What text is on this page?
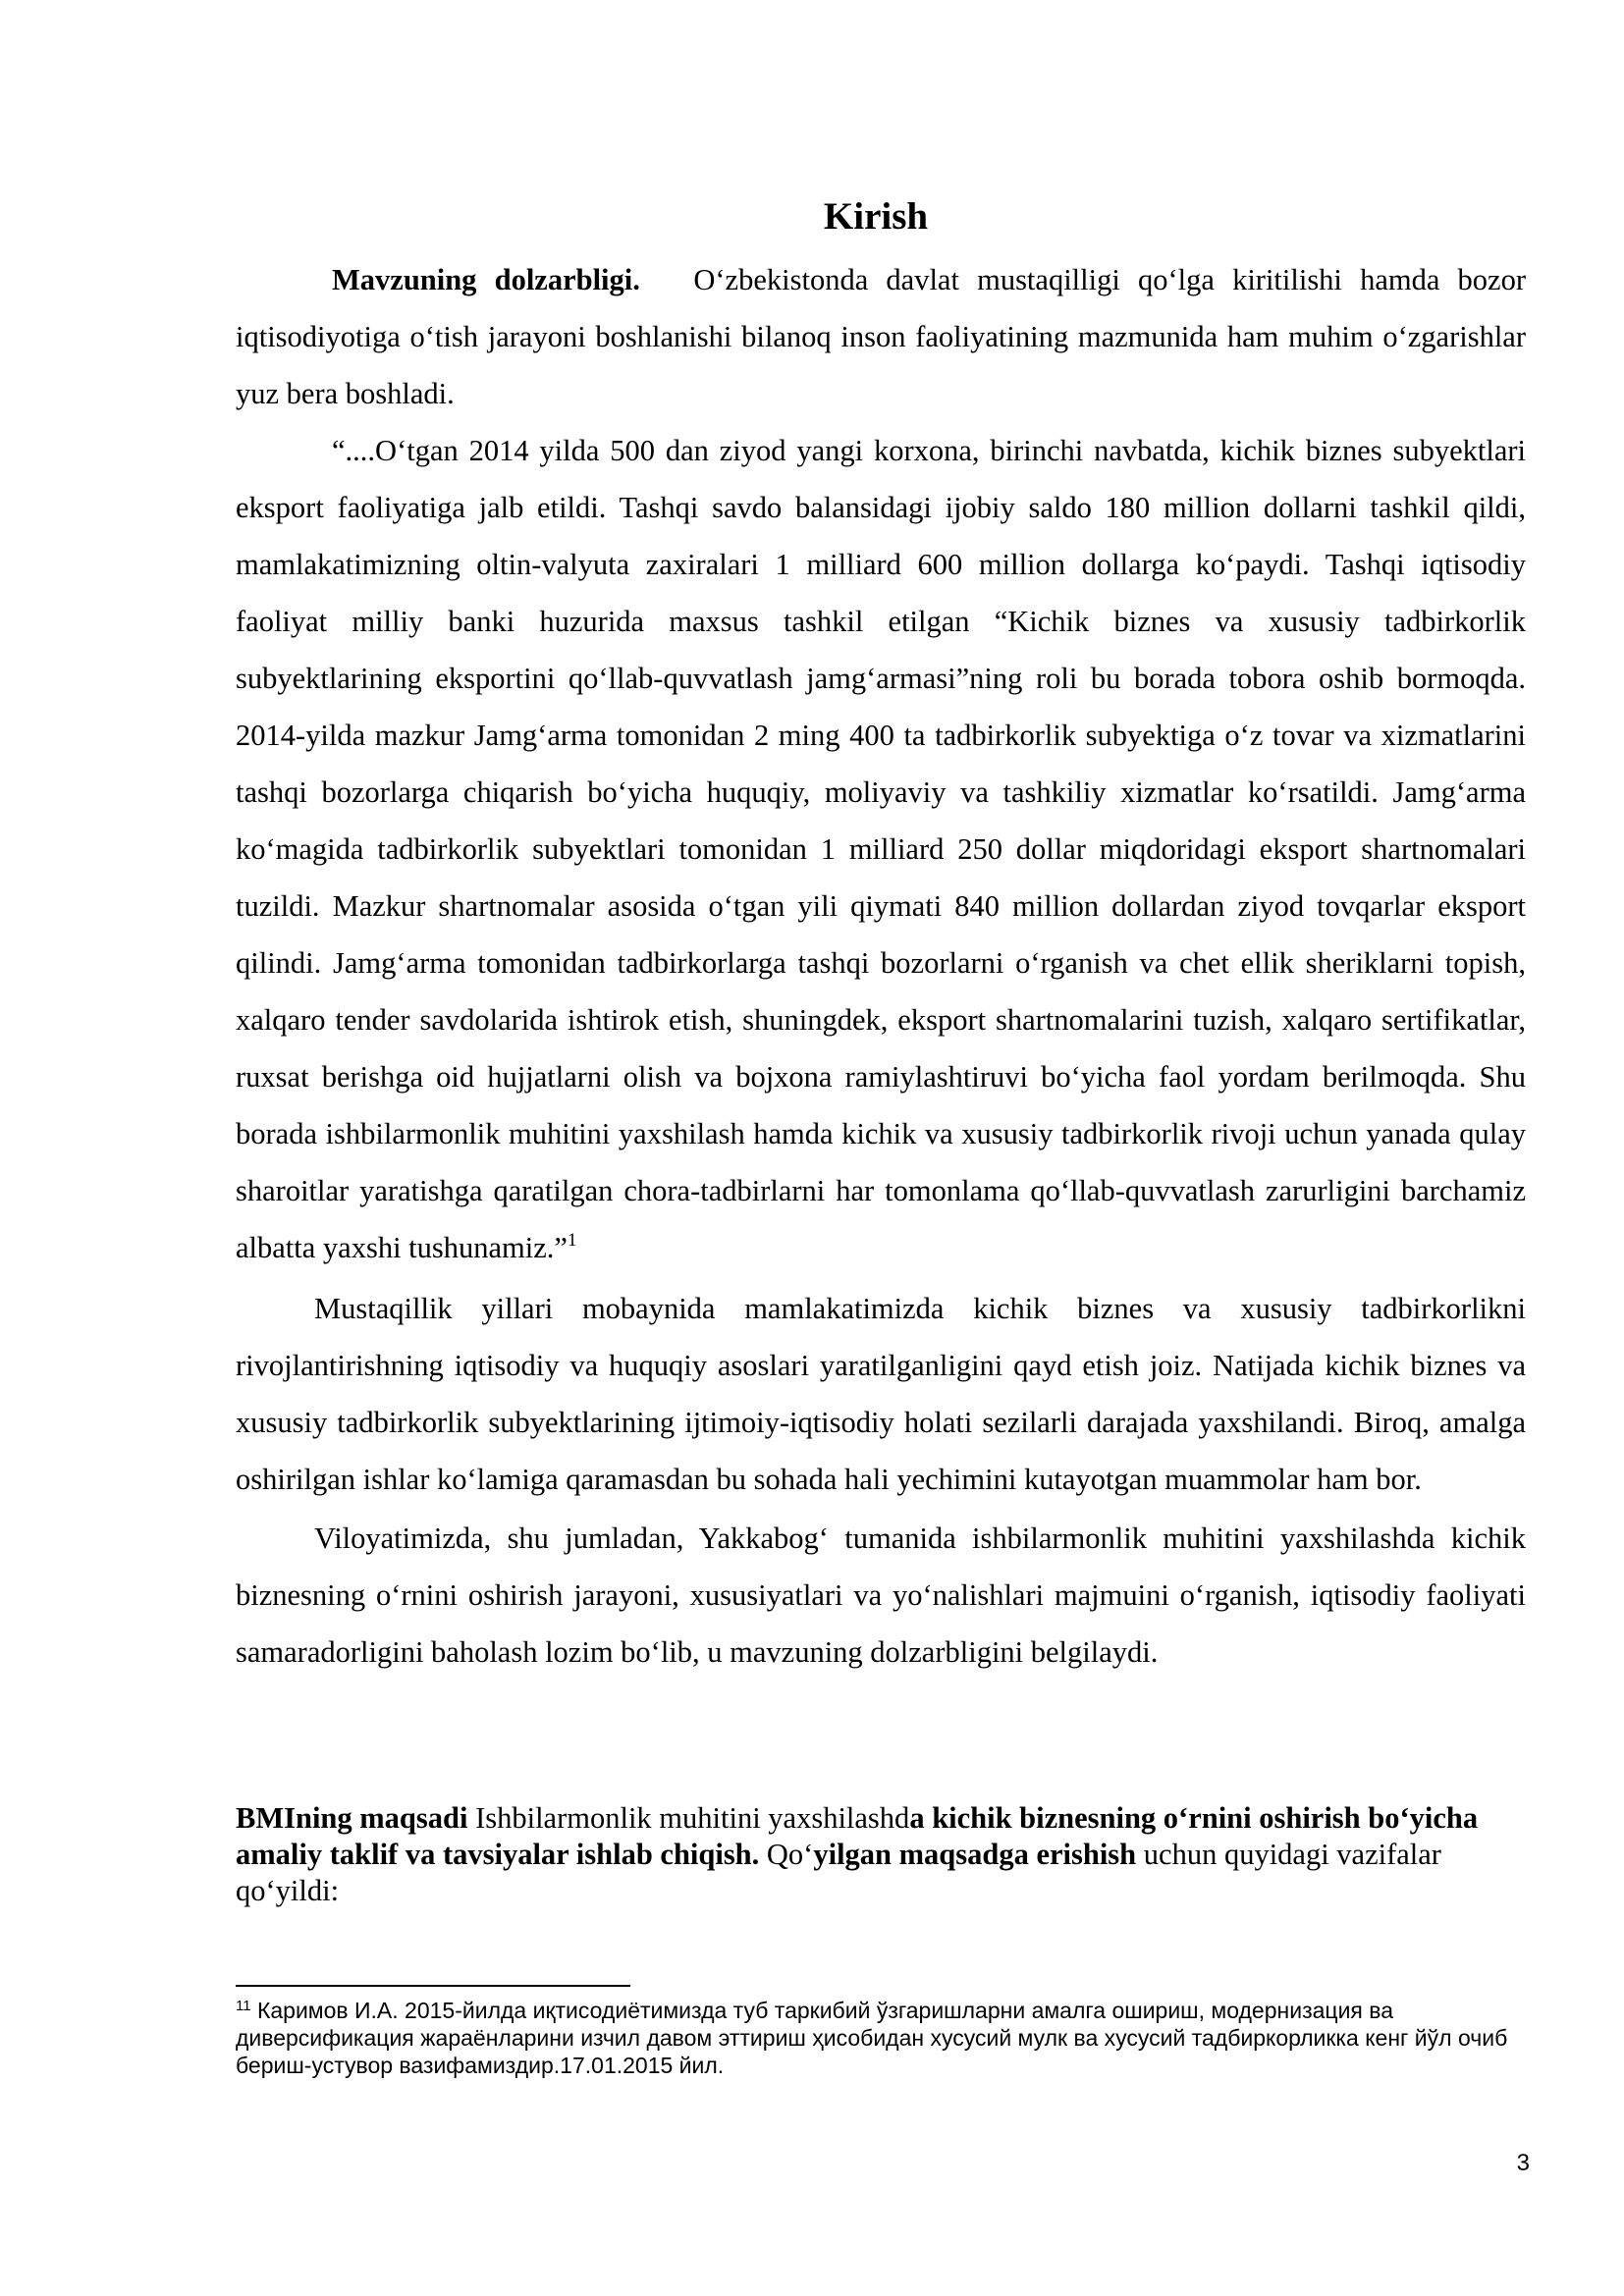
Kirish

Mavzuning dolzarbligi. O‘zbekistonda davlat mustaqilligi qo‘lga kiritilishi hamda bozor iqtisodiyotiga o‘tish jarayoni boshlanishi bilanoq inson faoliyatining mazmunida ham muhim o‘zgarishlar yuz bera boshladi.

“....O‘tgan 2014 yilda 500 dan ziyod yangi korxona, birinchi navbatda, kichik biznes subyektlari eksport faoliyatiga jalb etildi. Tashqi savdo balansidagi ijobiy saldo 180 million dollarni tashkil qildi, mamlakatimizning oltin-valyuta zaxiralari 1 milliard 600 million dollarga ko‘paydi. Tashqi iqtisodiy faoliyat milliy banki huzurida maxsus tashkil etilgan “Kichik biznes va xususiy tadbirkorlik subyektlarining eksportini qo‘llab-quvvatlash jamg‘armasi”ning roli bu borada tobora oshib bormoqda. 2014-yilda mazkur Jamg‘arma tomonidan 2 ming 400 ta tadbirkorlik subyektiga o‘z tovar va xizmatlarini tashqi bozorlarga chiqarish bo‘yicha huquqiy, moliyaviy va tashkiliy xizmatlar ko‘rsatildi. Jamg‘arma ko‘magida tadbirkorlik subyektlari tomonidan 1 milliard 250 dollar miqdoridagi eksport shartnomalari tuzildi. Mazkur shartnomalar asosida o‘tgan yili qiymati 840 million dollardan ziyod tovqarlar eksport qilindi. Jamg‘arma tomonidan tadbirkorlarga tashqi bozorlarni o‘rganish va chet ellik sheriklarni topish, xalqaro tender savdolarida ishtirok etish, shuningdek, eksport shartnomalarini tuzish, xalqaro sertifikatlar, ruxsat berishga oid hujjatlarni olish va bojxona ramiylashtiruvi bo‘yicha faol yordam berilmoqda. Shu borada ishbilarmonlik muhitini yaxshilash hamda kichik va xususiy tadbirkorlik rivoji uchun yanada qulay sharoitlar yaratishga qaratilgan chora-tadbirlarni har tomonlama qo‘llab-quvvatlash zarurligini barchamiz albatta yaxshi tushunamiz.”$^1$

Mustaqillik yillari mobaynida mamlakatimizda kichik biznes va xususiy tadbirkorlikni rivojlantirishning iqtisodiy va huquqiy asoslari yaratilganligini qayd etish joiz. Natijada kichik biznes va xususiy tadbirkorlik subyektlarining ijtimoiy-iqtisodiy holati sezilarli darajada yaxshilandi. Biroq, amalga oshirilgan ishlar ko‘lamiga qaramasdan bu sohada hali yechimini kutayotgan muammolar ham bor.

Viloyatimizda, shu jumladan, Yakkabog‘ tumanida ishbilarmonlik muhitini yaxshilashda kichik biznesning o‘rnini oshirish jarayoni, xususiyatlari va yo‘nalishlari majmuini o‘rganish, iqtisodiy faoliyati samaradorligini baholash lozim bo‘lib, u mavzuning dolzarbligini belgilaydi.

BMIning maqsadi Ishbilarmonlik muhitini yaxshilashda kichik biznesning o‘rnini oshirish bo‘yicha amaliy taklif va tavsiyalar ishlab chiqish. Qo‘yilgan maqsadga erishish uchun quyidagi vazifalar qo‘yildi:

$^{11}$ Каримов И.А. 2015-йилда иқтисодиётимизда туб таркибий ўзгаришларни амалга ошириш, модернизация ва диверсификация жараёнларини изчил давом эттириш ҳисобидан хусусий мулк ва хусусий тадбиркорликка кенг йўл очиб бериш-устувор вазифамиздир.17.01.2015 йил.

3
